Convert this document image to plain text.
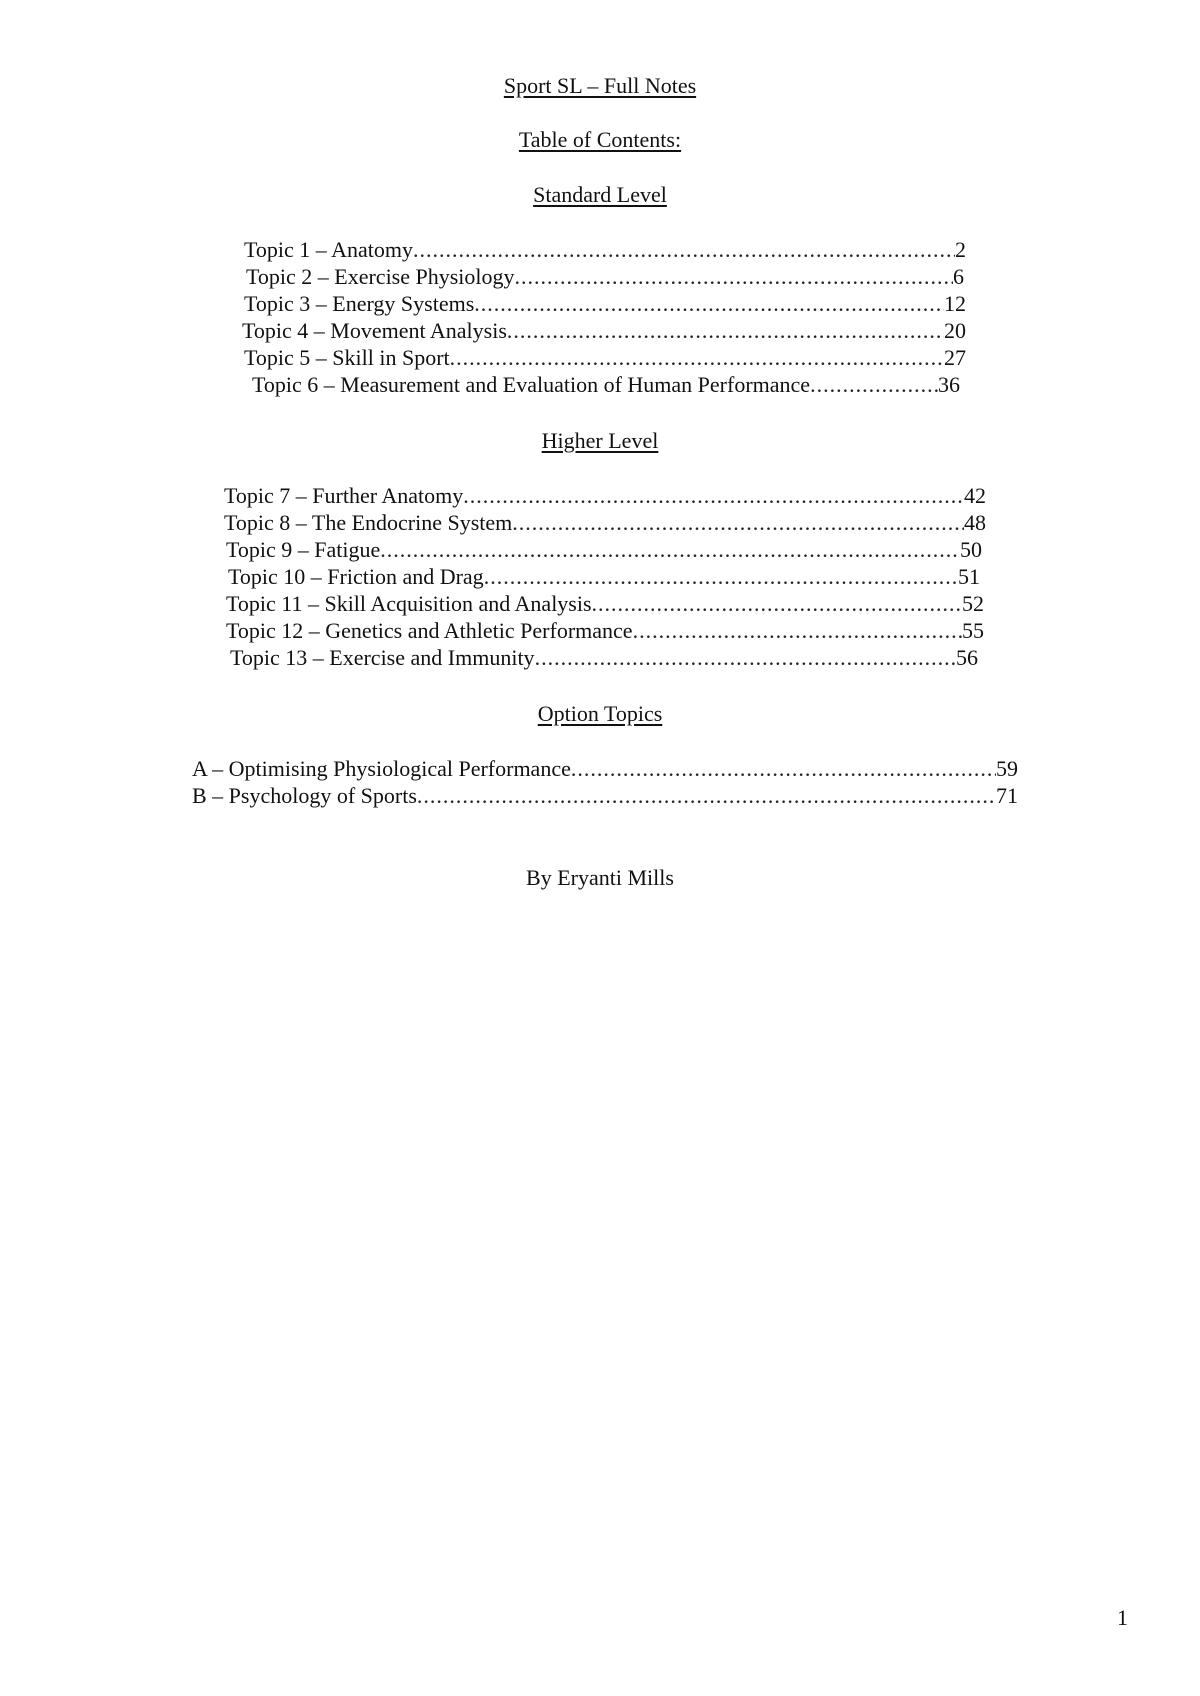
Sport SL – Full Notes
Table of Contents:
Standard Level
Topic 1 – Anatomy .....	2
Topic 2 – Exercise Physiology .....	6
Topic 3 – Energy Systems .....	12
Topic 4 – Movement Analysis .....	20
Topic 5 – Skill in Sport .....	27
Topic 6 – Measurement and Evaluation of Human Performance .....	36
Higher Level
Topic 7 – Further Anatomy .....	42
Topic 8 – The Endocrine System .....	48
Topic 9 – Fatigue .....	50
Topic 10 – Friction and Drag .....	51
Topic 11 – Skill Acquisition and Analysis .....	52
Topic 12 – Genetics and Athletic Performance .....	55
Topic 13 – Exercise and Immunity .....	56
Option Topics
A – Optimising Physiological Performance .....	59
B – Psychology of Sports .....	71
By Eryanti Mills
1
